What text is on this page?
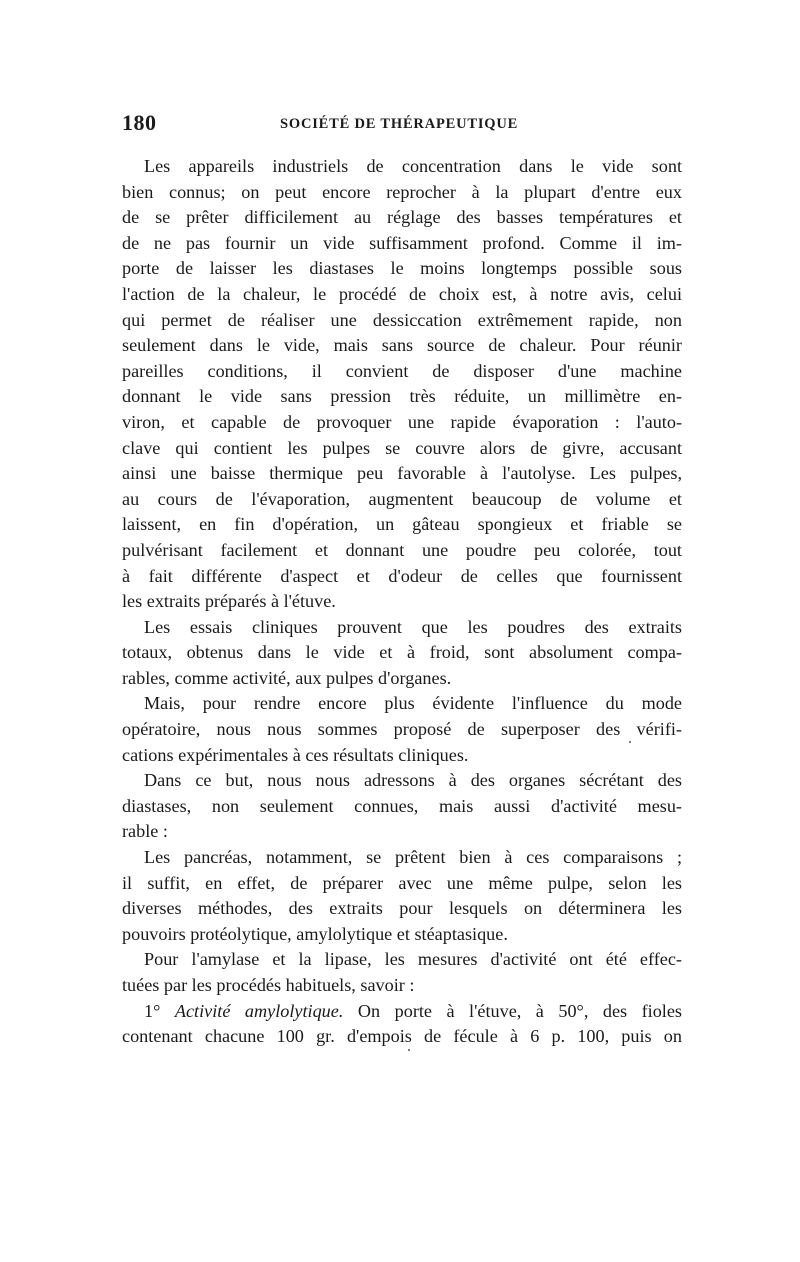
180	SOCIÉTÉ DE THÉRAPEUTIQUE
Les appareils industriels de concentration dans le vide sont
bien connus; on peut encore reprocher à la plupart d'entre eux
de se prêter difficilement au réglage des basses températures et
de ne pas fournir un vide suffisamment profond. Comme il im-
porte de laisser les diastases le moins longtemps possible sous
l'action de la chaleur, le procédé de choix est, à notre avis, celui
qui permet de réaliser une dessiccation extrêmement rapide, non
seulement dans le vide, mais sans source de chaleur. Pour réunir
pareilles conditions, il convient de disposer d'une machine
donnant le vide sans pression très réduite, un millimètre en-
viron, et capable de provoquer une rapide évaporation : l'auto-
clave qui contient les pulpes se couvre alors de givre, accusant
ainsi une baisse thermique peu favorable à l'autolyse. Les pulpes,
au cours de l'évaporation, augmentent beaucoup de volume et
laissent, en fin d'opération, un gâteau spongieux et friable se
pulvérisant facilement et donnant une poudre peu colorée, tout
à fait différente d'aspect et d'odeur de celles que fournissent
les extraits préparés à l'étuve.
Les essais cliniques prouvent que les poudres des extraits
totaux, obtenus dans le vide et à froid, sont absolument compa-
rables, comme activité, aux pulpes d'organes.
Mais, pour rendre encore plus évidente l'influence du mode
opératoire, nous nous sommes proposé de superposer des vérifi-
cations expérimentales à ces résultats cliniques.
Dans ce but, nous nous adressons à des organes sécrétant des
diastases, non seulement connues, mais aussi d'activité mesu-
rable :
Les pancréas, notamment, se prêtent bien à ces comparaisons ;
il suffit, en effet, de préparer avec une même pulpe, selon les
diverses méthodes, des extraits pour lesquels on déterminera les
pouvoirs protéolytique, amylolytique et stéaptasique.
Pour l'amylase et la lipase, les mesures d'activité ont été effec-
tuées par les procédés habituels, savoir :
1° Activité amylolytique. On porte à l'étuve, à 50°, des fioles
contenant chacune 100 gr. d'empois de fécule à 6 p. 100, puis on
